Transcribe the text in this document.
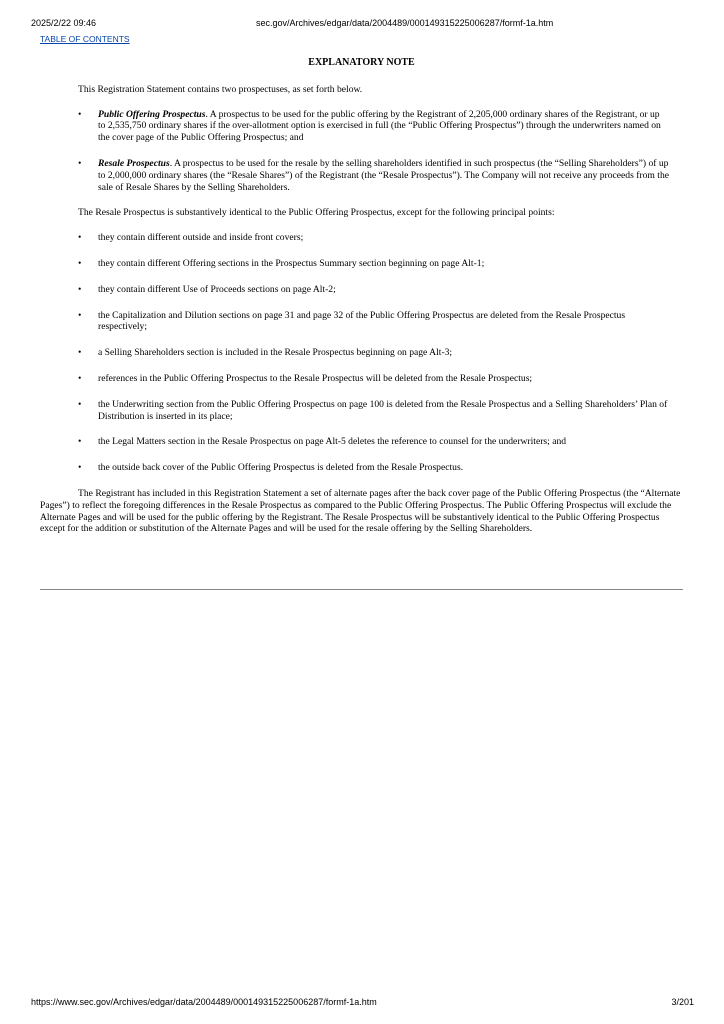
2025/2/22 09:46	sec.gov/Archives/edgar/data/2004489/000149315225006287/formf-1a.htm
TABLE OF CONTENTS
EXPLANATORY NOTE

This Registration Statement contains two prospectuses, as set forth below.

• Public Offering Prospectus. A prospectus to be used for the public offering by the Registrant of 2,205,000 ordinary shares of the Registrant, or up to 2,535,750 ordinary shares if the over-allotment option is exercised in full (the “Public Offering Prospectus”) through the underwriters named on the cover page of the Public Offering Prospectus; and
• Resale Prospectus. A prospectus to be used for the resale by the selling shareholders identified in such prospectus (the “Selling Shareholders”) of up to 2,000,000 ordinary shares (the “Resale Shares”) of the Registrant (the “Resale Prospectus”). The Company will not receive any proceeds from the sale of Resale Shares by the Selling Shareholders.

The Resale Prospectus is substantively identical to the Public Offering Prospectus, except for the following principal points:

• they contain different outside and inside front covers;
• they contain different Offering sections in the Prospectus Summary section beginning on page Alt-1;
• they contain different Use of Proceeds sections on page Alt-2;
• the Capitalization and Dilution sections on page 31 and page 32 of the Public Offering Prospectus are deleted from the Resale Prospectus respectively;
• a Selling Shareholders section is included in the Resale Prospectus beginning on page Alt-3;
• references in the Public Offering Prospectus to the Resale Prospectus will be deleted from the Resale Prospectus;
• the Underwriting section from the Public Offering Prospectus on page 100 is deleted from the Resale Prospectus and a Selling Shareholders’ Plan of Distribution is inserted in its place;
• the Legal Matters section in the Resale Prospectus on page Alt-5 deletes the reference to counsel for the underwriters; and
• the outside back cover of the Public Offering Prospectus is deleted from the Resale Prospectus.

The Registrant has included in this Registration Statement a set of alternate pages after the back cover page of the Public Offering Prospectus (the “Alternate Pages”) to reflect the foregoing differences in the Resale Prospectus as compared to the Public Offering Prospectus. The Public Offering Prospectus will exclude the Alternate Pages and will be used for the public offering by the Registrant. The Resale Prospectus will be substantively identical to the Public Offering Prospectus except for the addition or substitution of the Alternate Pages and will be used for the resale offering by the Selling Shareholders.

https://www.sec.gov/Archives/edgar/data/2004489/000149315225006287/formf-1a.htm	3/201
